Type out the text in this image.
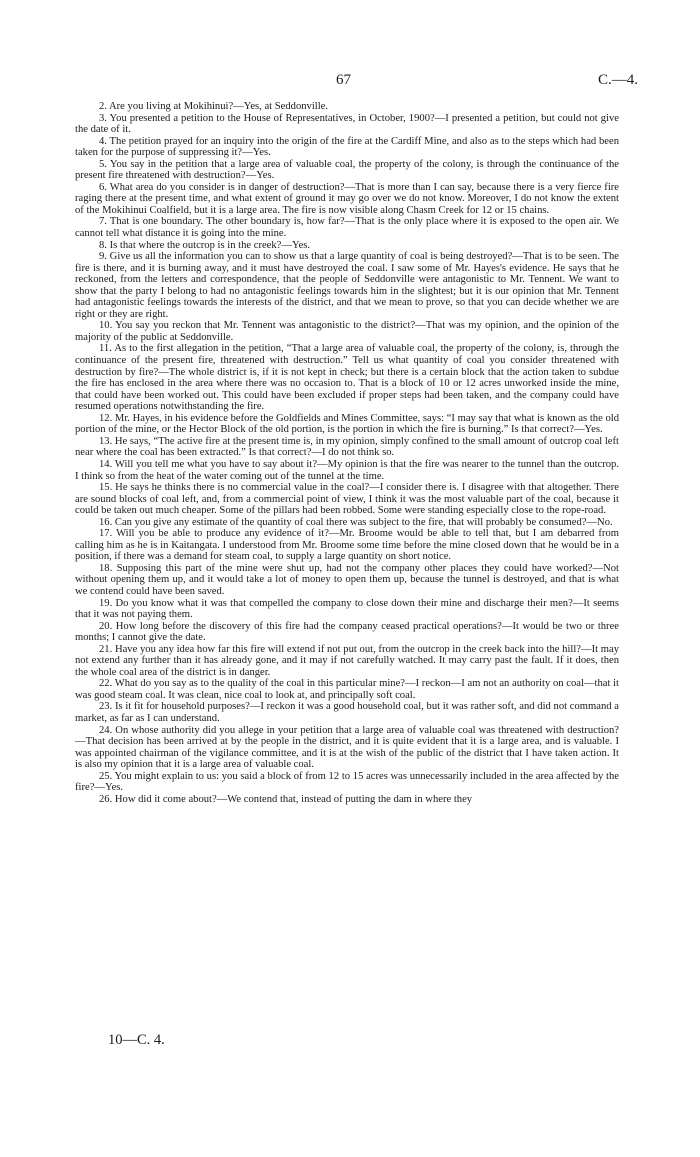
67	C.—4.

2. Are you living at Mokihinui?—Yes, at Seddonville.

3. You presented a petition to the House of Representatives, in October, 1900?—I presented a petition, but could not give the date of it.

4. The petition prayed for an inquiry into the origin of the fire at the Cardiff Mine, and also as to the steps which had been taken for the purpose of suppressing it?—Yes.

5. You say in the petition that a large area of valuable coal, the property of the colony, is through the continuance of the present fire threatened with destruction?—Yes.

6. What area do you consider is in danger of destruction?—That is more than I can say, because there is a very fierce fire raging there at the present time, and what extent of ground it may go over we do not know. Moreover, I do not know the extent of the Mokihinui Coalfield, but it is a large area. The fire is now visible along Chasm Creek for 12 or 15 chains.

7. That is one boundary. The other boundary is, how far?—That is the only place where it is exposed to the open air. We cannot tell what distance it is going into the mine.

8. Is that where the outcrop is in the creek?—Yes.

9. Give us all the information you can to show us that a large quantity of coal is being destroyed?—That is to be seen. The fire is there, and it is burning away, and it must have destroyed the coal. I saw some of Mr. Hayes's evidence. He says that he reckoned, from the letters and correspondence, that the people of Seddonville were antagonistic to Mr. Tennent. We want to show that the party I belong to had no antagonistic feelings towards him in the slightest; but it is our opinion that Mr. Tennent had antagonistic feelings towards the interests of the district, and that we mean to prove, so that you can decide whether we are right or they are right.

10. You say you reckon that Mr. Tennent was antagonistic to the district?—That was my opinion, and the opinion of the majority of the public at Seddonville.

11. As to the first allegation in the petition, “That a large area of valuable coal, the property of the colony, is, through the continuance of the present fire, threatened with destruction.” Tell us what quantity of coal you consider threatened with destruction by fire?—The whole district is, if it is not kept in check; but there is a certain block that the action taken to subdue the fire has enclosed in the area where there was no occasion to. That is a block of 10 or 12 acres unworked inside the mine, that could have been worked out. This could have been excluded if proper steps had been taken, and the company could have resumed operations notwithstanding the fire.

12. Mr. Hayes, in his evidence before the Goldfields and Mines Committee, says: “I may say that what is known as the old portion of the mine, or the Hector Block of the old portion, is the portion in which the fire is burning.” Is that correct?—Yes.

13. He says, “The active fire at the present time is, in my opinion, simply confined to the small amount of outcrop coal left near where the coal has been extracted.” Is that correct?—I do not think so.

14. Will you tell me what you have to say about it?—My opinion is that the fire was nearer to the tunnel than the outcrop. I think so from the heat of the water coming out of the tunnel at the time.

15. He says he thinks there is no commercial value in the coal?—I consider there is. I disagree with that altogether. There are sound blocks of coal left, and, from a commercial point of view, I think it was the most valuable part of the coal, because it could be taken out much cheaper. Some of the pillars had been robbed. Some were standing especially close to the rope-road.

16. Can you give any estimate of the quantity of coal there was subject to the fire, that will probably be consumed?—No.

17. Will you be able to produce any evidence of it?—Mr. Broome would be able to tell that, but I am debarred from calling him as he is in Kaitangata. I understood from Mr. Broome some time before the mine closed down that he would be in a position, if there was a demand for steam coal, to supply a large quantity on short notice.

18. Supposing this part of the mine were shut up, had not the company other places they could have worked?—Not without opening them up, and it would take a lot of money to open them up, because the tunnel is destroyed, and that is what we contend could have been saved.

19. Do you know what it was that compelled the company to close down their mine and discharge their men?—It seems that it was not paying them.

20. How long before the discovery of this fire had the company ceased practical operations?—It would be two or three months; I cannot give the date.

21. Have you any idea how far this fire will extend if not put out, from the outcrop in the creek back into the hill?—It may not extend any further than it has already gone, and it may if not carefully watched. It may carry past the fault. If it does, then the whole coal area of the district is in danger.

22. What do you say as to the quality of the coal in this particular mine?—I reckon—I am not an authority on coal—that it was good steam coal. It was clean, nice coal to look at, and principally soft coal.

23. Is it fit for household purposes?—I reckon it was a good household coal, but it was rather soft, and did not command a market, as far as I can understand.

24. On whose authority did you allege in your petition that a large area of valuable coal was threatened with destruction?—That decision has been arrived at by the people in the district, and it is quite evident that it is a large area, and is valuable. I was appointed chairman of the vigilance committee, and it is at the wish of the public of the district that I have taken action. It is also my opinion that it is a large area of valuable coal.

25. You might explain to us: you said a block of from 12 to 15 acres was unnecessarily included in the area affected by the fire?—Yes.

26. How did it come about?—We contend that, instead of putting the dam in where they

10—C. 4.
